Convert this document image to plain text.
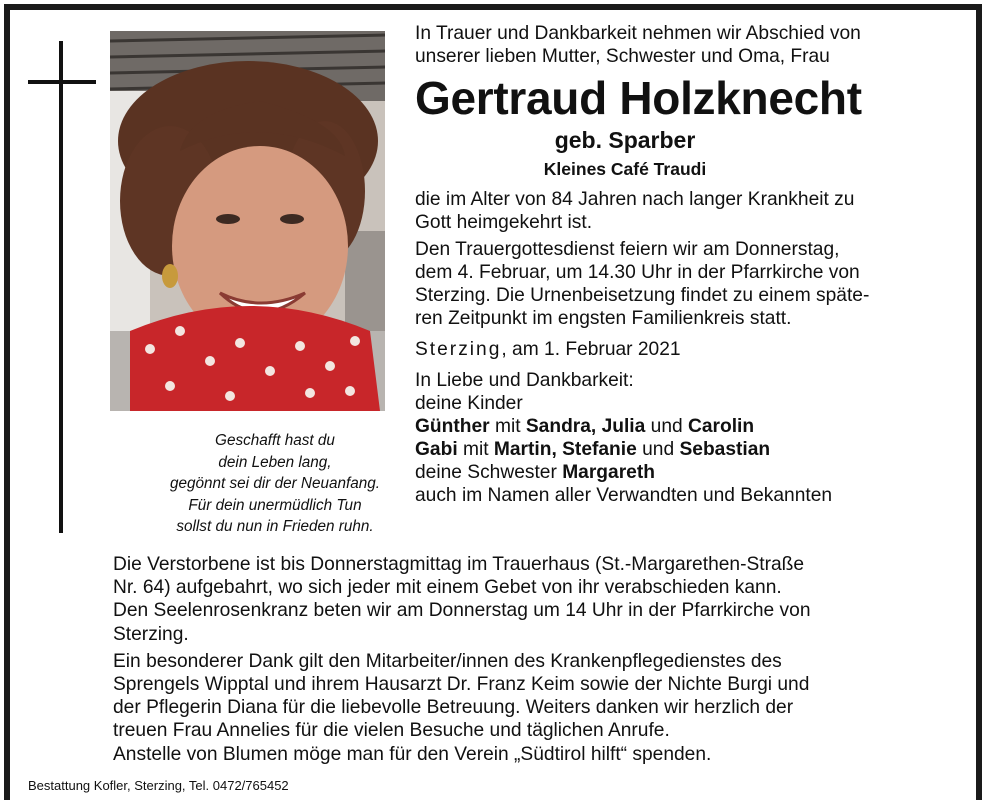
Geschafft hast du
dein Leben lang,
gegönnt sei dir der Neuanfang.
Für dein unermüdlich Tun
sollst du nun in Frieden ruhn.
In Trauer und Dankbarkeit nehmen wir Abschied von
unserer lieben Mutter, Schwester und Oma, Frau
Gertraud Holzknecht
geb. Sparber
Kleines Café Traudi
die im Alter von 84 Jahren nach langer Krankheit zu
Gott heimgekehrt ist.
Den Trauergottesdienst feiern wir am Donnerstag,
dem 4. Februar, um 14.30 Uhr in der Pfarrkirche von
Sterzing. Die Urnenbeisetzung findet zu einem späte-
ren Zeitpunkt im engsten Familienkreis statt.
Sterzing, am 1. Februar 2021
In Liebe und Dankbarkeit:
deine Kinder
Günther mit Sandra, Julia und Carolin
Gabi mit Martin, Stefanie und Sebastian
deine Schwester Margareth
auch im Namen aller Verwandten und Bekannten
Die Verstorbene ist bis Donnerstagmittag im Trauerhaus (St.-Margarethen-Straße
Nr. 64) aufgebahrt, wo sich jeder mit einem Gebet von ihr verabschieden kann.
Den Seelenrosenkranz beten wir am Donnerstag um 14 Uhr in der Pfarrkirche von
Sterzing.
Ein besonderer Dank gilt den Mitarbeiter/innen des Krankenpflegedienstes des
Sprengels Wipptal und ihrem Hausarzt Dr. Franz Keim sowie der Nichte Burgi und
der Pflegerin Diana für die liebevolle Betreuung. Weiters danken wir herzlich der
treuen Frau Annelies für die vielen Besuche und täglichen Anrufe.
Anstelle von Blumen möge man für den Verein „Südtirol hilft“ spenden.
Bestattung Kofler, Sterzing, Tel. 0472/765452
